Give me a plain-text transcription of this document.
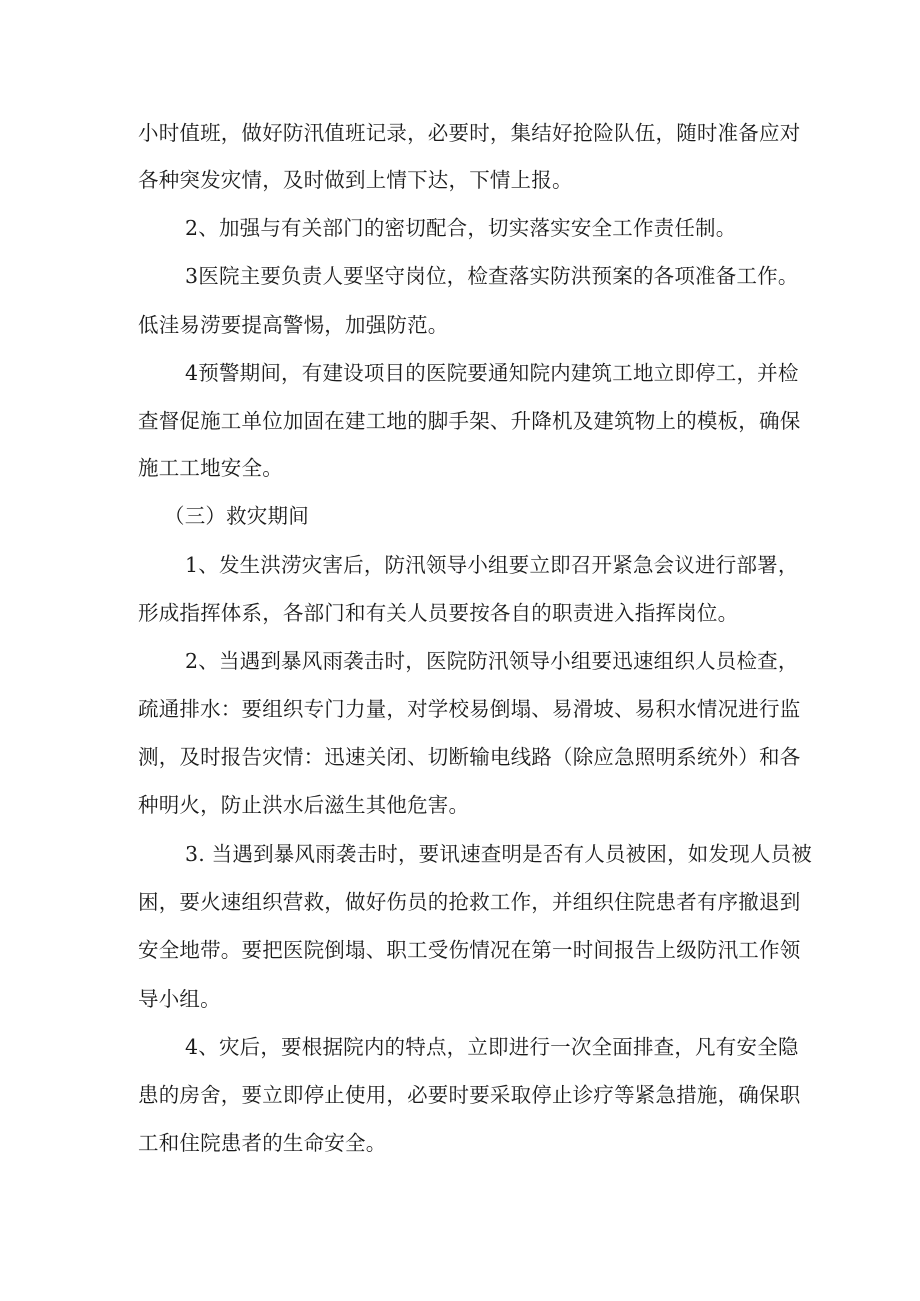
小时值班，做好防汛值班记录，必要时，集结好抢险队伍，随时准备应对
各种突发灾情，及时做到上情下达，下情上报。
2、加强与有关部门的密切配合，切实落实安全工作责任制。
3医院主要负责人要坚守岗位，检查落实防洪预案的各项准备工作。
低洼易涝要提高警惕，加强防范。
4预警期间，有建设项目的医院要通知院内建筑工地立即停工，并检
查督促施工单位加固在建工地的脚手架、升降机及建筑物上的模板，确保
施工工地安全。
（三）救灾期间
1、发生洪涝灾害后，防汛领导小组要立即召开紧急会议进行部署，
形成指挥体系，各部门和有关人员要按各自的职责进入指挥岗位。
2、当遇到暴风雨袭击时，医院防汛领导小组要迅速组织人员检查，
疏通排水：要组织专门力量，对学校易倒塌、易滑坡、易积水情况进行监
测，及时报告灾情：迅速关闭、切断输电线路（除应急照明系统外）和各
种明火，防止洪水后滋生其他危害。
3. 当遇到暴风雨袭击时，要讯速查明是否有人员被困，如发现人员被
困，要火速组织营救，做好伤员的抢救工作，并组织住院患者有序撤退到
安全地带。要把医院倒塌、职工受伤情况在第一时间报告上级防汛工作领
导小组。
4、灾后，要根据院内的特点，立即进行一次全面排查，凡有安全隐
患的房舍，要立即停止使用，必要时要采取停止诊疗等紧急措施，确保职
工和住院患者的生命安全。
